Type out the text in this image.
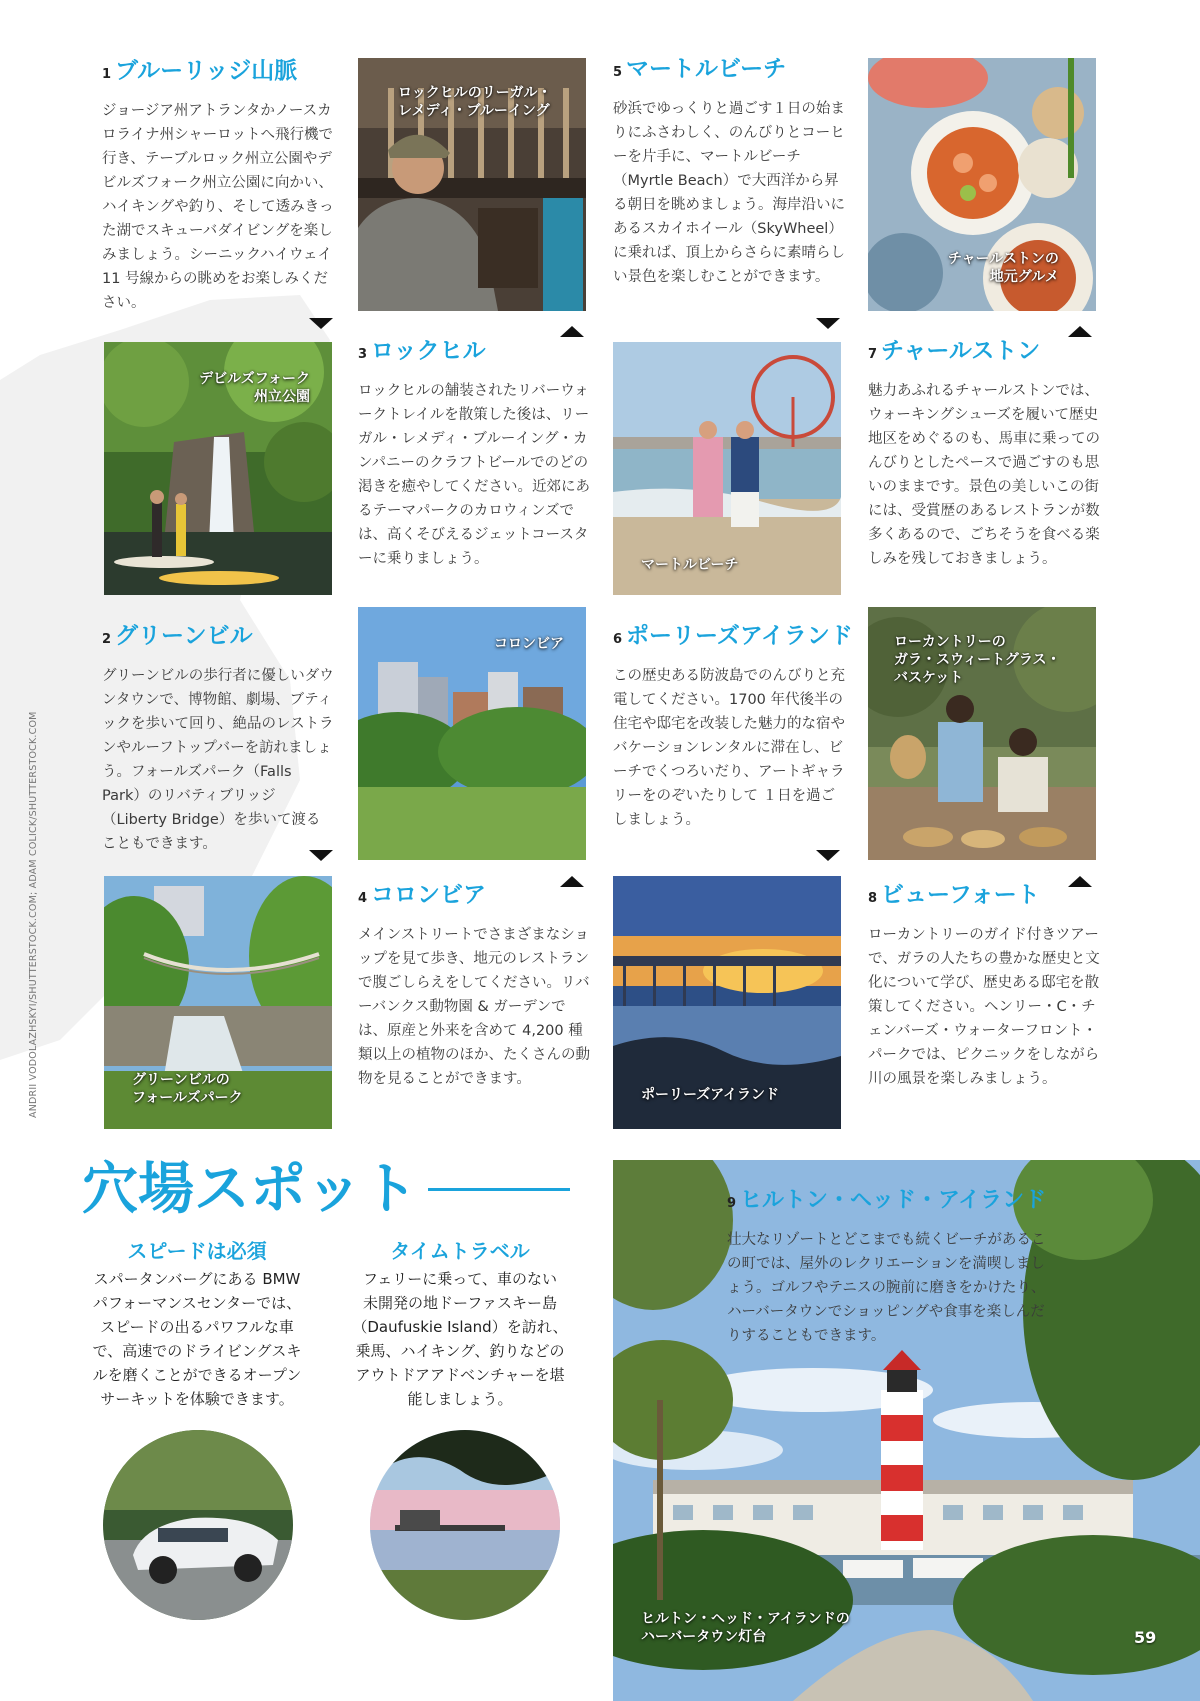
1 ブルーリッジ山脈
ジョージア州アトランタかノースカロライナ州シャーロットへ飛行機で行き、テーブルロック州立公園やデビルズフォーク州立公園に向かい、ハイキングや釣り、そして透みきった湖でスキューバダイビングを楽しみましょう。シーニックハイウェイ 11 号線からの眺めをお楽しみください。
ロックヒルのリーガル・
レメディ・ブルーイング
5 マートルビーチ
砂浜でゆっくりと過ごす１日の始まりにふさわしく、のんびりとコーヒーを片手に、マートルビーチ（Myrtle Beach）で大西洋から昇る朝日を眺めましょう。海岸沿いにあるスカイホイール（SkyWheel）に乗れば、頂上からさらに素晴らしい景色を楽しむことができます。
チャールストンの
地元グルメ
デビルズフォーク
州立公園
3 ロックヒル
ロックヒルの舗装されたリバーウォークトレイルを散策した後は、リーガル・レメディ・ブルーイング・カンパニーのクラフトビールでのどの渇きを癒やしてください。近郊にあるテーマパークのカロウィンズでは、高くそびえるジェットコースターに乗りましょう。	マートルビーチ
7 チャールストン
魅力あふれるチャールストンでは、ウォーキングシューズを履いて歴史地区をめぐるのも、馬車に乗ってのんびりとしたペースで過ごすのも思いのままです。景色の美しいこの街には、受賞歴のあるレストランが数多くあるので、ごちそうを食べる楽しみを残しておきましょう。
2 グリーンビル
グリーンビルの歩行者に優しいダウンタウンで、博物館、劇場、ブティックを歩いて回り、絶品のレストランやルーフトップバーを訪れましょう。フォールズパーク（Falls Park）のリバティブリッジ（Liberty Bridge）を歩いて渡ることもできます。
コロンビア	6 ポーリーズアイランド
この歴史ある防波島でのんびりと充電してください。1700 年代後半の住宅や邸宅を改装した魅力的な宿やバケーションレンタルに滞在し、ビーチでくつろいだり、アートギャラリーをのぞいたりして １日を過ごしましょう。
ローカントリーの
ガラ・スウィートグラス・
バスケット
グリーンビルの
フォールズパーク
4 コロンビア
メインストリートでさまざまなショップを見て歩き、地元のレストランで腹ごしらえをしてください。リバーバンクス動物園 & ガーデンでは、原産と外来を含めて 4,200 種類以上の植物のほか、たくさんの動物を見ることができます。
ポーリーズアイランド
8 ビューフォート
ローカントリーのガイド付きツアーで、ガラの人たちの豊かな歴史と文化について学び、歴史ある邸宅を散策してください。ヘンリー・C・チェンバーズ・ウォーターフロント・パークでは、ピクニックをしながら川の風景を楽しみましょう。
ANDRII VODOLAZHSKYI/SHUTTERSTOCK.COM; ADAM COLICK/SHUTTERSTOCK.COM
穴場スポット
スピードは必須
スパータンバーグにある BMW
パフォーマンスセンターでは、
スピードの出るパワフルな車
で、高速でのドライビングスキ
ルを磨くことができるオープン
サーキットを体験できます。
タイムトラベル
フェリーに乗って、車のない
未開発の地ドーファスキー島
（Daufuskie Island）を訪れ、
乗馬、ハイキング、釣りなどの
アウトドアアドベンチャーを堪
能しましょう。
ヒルトン・ヘッド・アイランドの
ハーバータウン灯台
9 ヒルトン・ヘッド・アイランド
壮大なリゾートとどこまでも続くビーチがあるこの町では、屋外のレクリエーションを満喫しましょう。ゴルフやテニスの腕前に磨きをかけたり、ハーバータウンでショッピングや食事を楽しんだりすることもできます。
59
